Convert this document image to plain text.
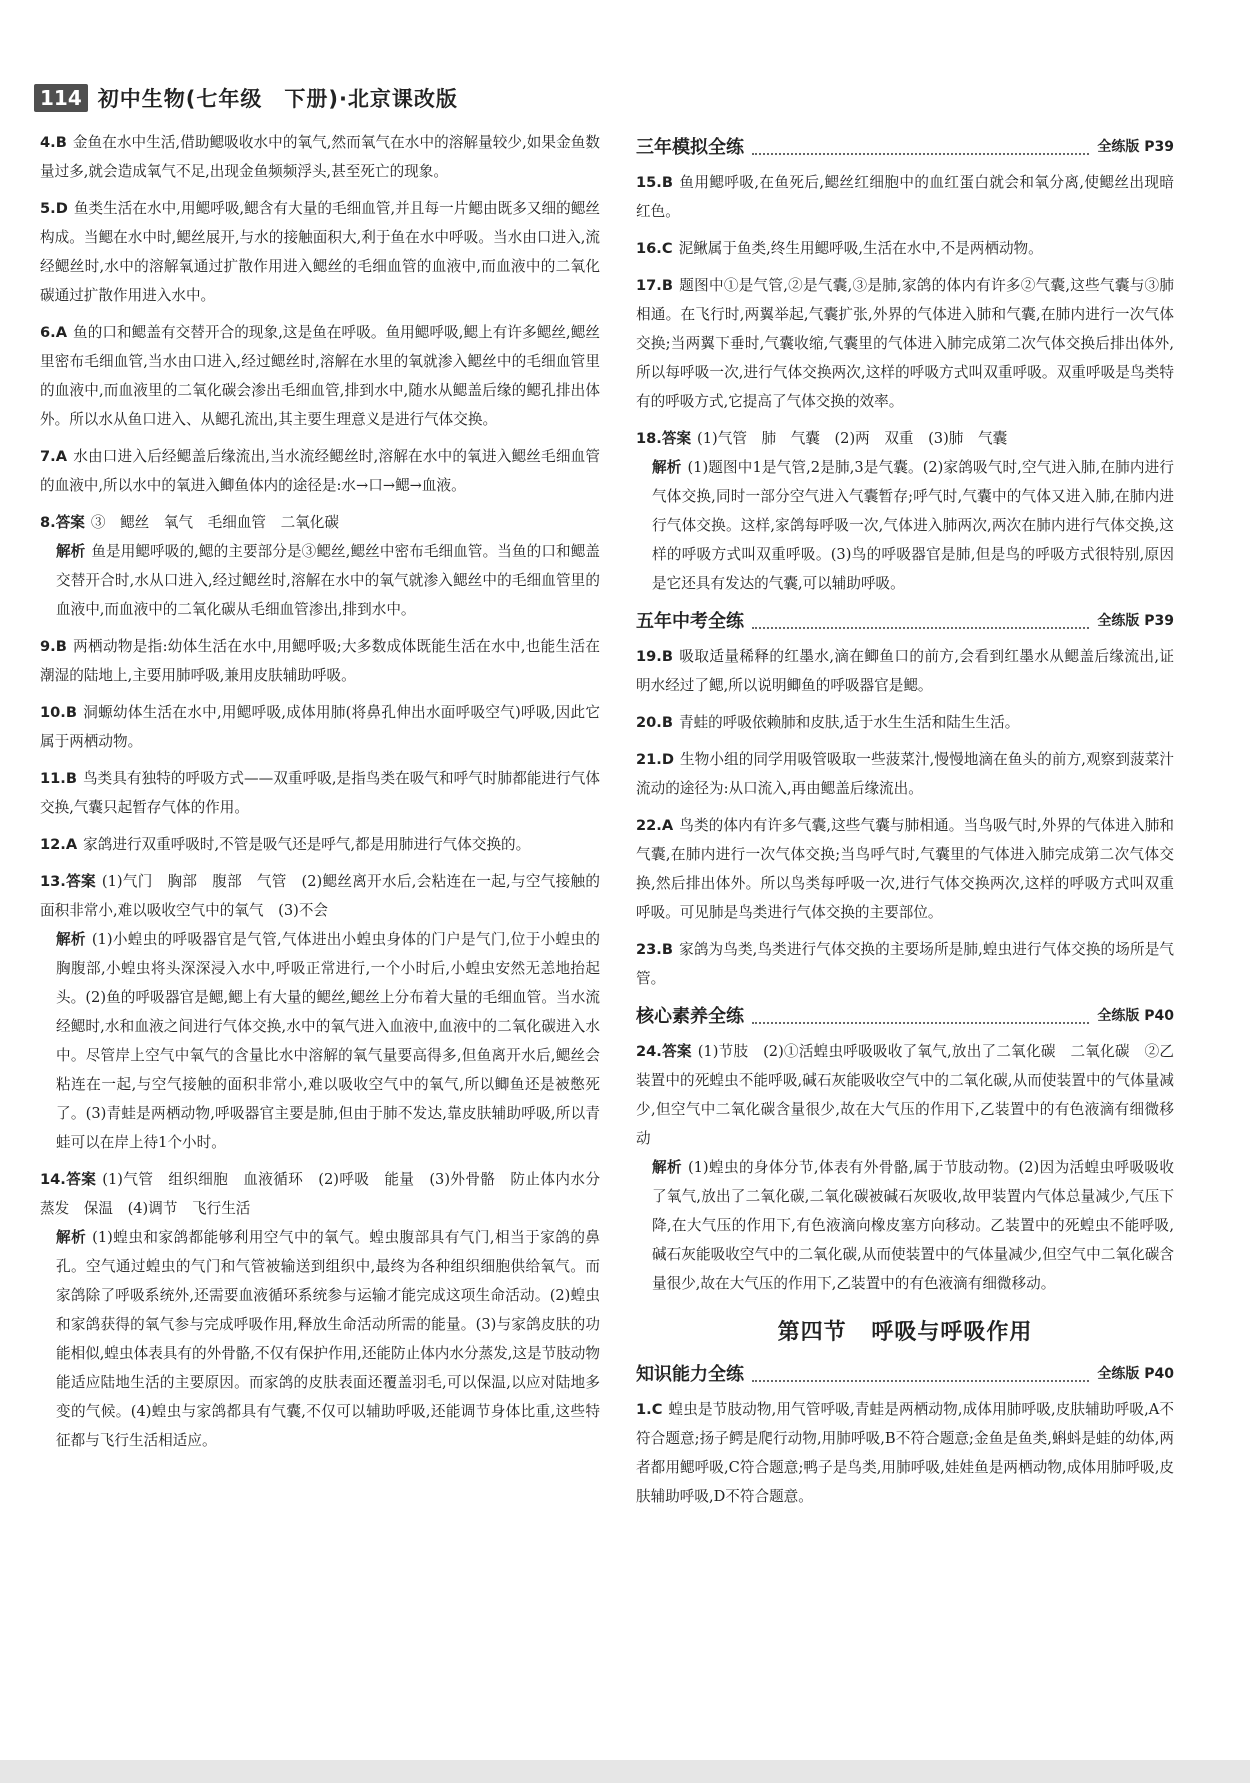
114 初中生物(七年级　下册)·北京课改版

4.B 金鱼在水中生活,借助鳃吸收水中的氧气,然而氧气在水中的溶解量较少,如果金鱼数量过多,就会造成氧气不足,出现金鱼频频浮头,甚至死亡的现象。

5.D 鱼类生活在水中,用鳃呼吸,鳃含有大量的毛细血管,并且每一片鳃由既多又细的鳃丝构成。当鳃在水中时,鳃丝展开,与水的接触面积大,利于鱼在水中呼吸。当水由口进入,流经鳃丝时,水中的溶解氧通过扩散作用进入鳃丝的毛细血管的血液中,而血液中的二氧化碳通过扩散作用进入水中。

6.A 鱼的口和鳃盖有交替开合的现象,这是鱼在呼吸。鱼用鳃呼吸,鳃上有许多鳃丝,鳃丝里密布毛细血管,当水由口进入,经过鳃丝时,溶解在水里的氧就渗入鳃丝中的毛细血管里的血液中,而血液里的二氧化碳会渗出毛细血管,排到水中,随水从鳃盖后缘的鳃孔排出体外。所以水从鱼口进入、从鳃孔流出,其主要生理意义是进行气体交换。

7.A 水由口进入后经鳃盖后缘流出,当水流经鳃丝时,溶解在水中的氧进入鳃丝毛细血管的血液中,所以水中的氧进入鲫鱼体内的途径是:水→口→鳃→血液。

8.答案 ③　鳃丝　氧气　毛细血管　二氧化碳

解析 鱼是用鳃呼吸的,鳃的主要部分是③鳃丝,鳃丝中密布毛细血管。当鱼的口和鳃盖交替开合时,水从口进入,经过鳃丝时,溶解在水中的氧气就渗入鳃丝中的毛细血管里的血液中,而血液中的二氧化碳从毛细血管渗出,排到水中。

9.B 两栖动物是指:幼体生活在水中,用鳃呼吸;大多数成体既能生活在水中,也能生活在潮湿的陆地上,主要用肺呼吸,兼用皮肤辅助呼吸。

10.B 洞螈幼体生活在水中,用鳃呼吸,成体用肺(将鼻孔伸出水面呼吸空气)呼吸,因此它属于两栖动物。

11.B 鸟类具有独特的呼吸方式——双重呼吸,是指鸟类在吸气和呼气时肺都能进行气体交换,气囊只起暂存气体的作用。

12.A 家鸽进行双重呼吸时,不管是吸气还是呼气,都是用肺进行气体交换的。

13.答案 (1)气门　胸部　腹部　气管　(2)鳃丝离开水后,会粘连在一起,与空气接触的面积非常小,难以吸收空气中的氧气　(3)不会

解析 (1)小蝗虫的呼吸器官是气管,气体进出小蝗虫身体的门户是气门,位于小蝗虫的胸腹部,小蝗虫将头深深浸入水中,呼吸正常进行,一个小时后,小蝗虫安然无恙地抬起头。(2)鱼的呼吸器官是鳃,鳃上有大量的鳃丝,鳃丝上分布着大量的毛细血管。当水流经鳃时,水和血液之间进行气体交换,水中的氧气进入血液中,血液中的二氧化碳进入水中。尽管岸上空气中氧气的含量比水中溶解的氧气量要高得多,但鱼离开水后,鳃丝会粘连在一起,与空气接触的面积非常小,难以吸收空气中的氧气,所以鲫鱼还是被憋死了。(3)青蛙是两栖动物,呼吸器官主要是肺,但由于肺不发达,靠皮肤辅助呼吸,所以青蛙可以在岸上待1个小时。

14.答案 (1)气管　组织细胞　血液循环　(2)呼吸　能量　(3)外骨骼　防止体内水分蒸发　保温　(4)调节　飞行生活

解析 (1)蝗虫和家鸽都能够利用空气中的氧气。蝗虫腹部具有气门,相当于家鸽的鼻孔。空气通过蝗虫的气门和气管被输送到组织中,最终为各种组织细胞供给氧气。而家鸽除了呼吸系统外,还需要血液循环系统参与运输才能完成这项生命活动。(2)蝗虫和家鸽获得的氧气参与完成呼吸作用,释放生命活动所需的能量。(3)与家鸽皮肤的功能相似,蝗虫体表具有的外骨骼,不仅有保护作用,还能防止体内水分蒸发,这是节肢动物能适应陆地生活的主要原因。而家鸽的皮肤表面还覆盖羽毛,可以保温,以应对陆地多变的气候。(4)蝗虫与家鸽都具有气囊,不仅可以辅助呼吸,还能调节身体比重,这些特征都与飞行生活相适应。

三年模拟全练	全练版 P39

15.B 鱼用鳃呼吸,在鱼死后,鳃丝红细胞中的血红蛋白就会和氧分离,使鳃丝出现暗红色。

16.C 泥鳅属于鱼类,终生用鳃呼吸,生活在水中,不是两栖动物。

17.B 题图中①是气管,②是气囊,③是肺,家鸽的体内有许多②气囊,这些气囊与③肺相通。在飞行时,两翼举起,气囊扩张,外界的气体进入肺和气囊,在肺内进行一次气体交换;当两翼下垂时,气囊收缩,气囊里的气体进入肺完成第二次气体交换后排出体外,所以每呼吸一次,进行气体交换两次,这样的呼吸方式叫双重呼吸。双重呼吸是鸟类特有的呼吸方式,它提高了气体交换的效率。

18.答案 (1)气管　肺　气囊　(2)两　双重　(3)肺　气囊

解析 (1)题图中1是气管,2是肺,3是气囊。(2)家鸽吸气时,空气进入肺,在肺内进行气体交换,同时一部分空气进入气囊暂存;呼气时,气囊中的气体又进入肺,在肺内进行气体交换。这样,家鸽每呼吸一次,气体进入肺两次,两次在肺内进行气体交换,这样的呼吸方式叫双重呼吸。(3)鸟的呼吸器官是肺,但是鸟的呼吸方式很特别,原因是它还具有发达的气囊,可以辅助呼吸。

五年中考全练	全练版 P39

19.B 吸取适量稀释的红墨水,滴在鲫鱼口的前方,会看到红墨水从鳃盖后缘流出,证明水经过了鳃,所以说明鲫鱼的呼吸器官是鳃。

20.B 青蛙的呼吸依赖肺和皮肤,适于水生生活和陆生生活。

21.D 生物小组的同学用吸管吸取一些菠菜汁,慢慢地滴在鱼头的前方,观察到菠菜汁流动的途径为:从口流入,再由鳃盖后缘流出。

22.A 鸟类的体内有许多气囊,这些气囊与肺相通。当鸟吸气时,外界的气体进入肺和气囊,在肺内进行一次气体交换;当鸟呼气时,气囊里的气体进入肺完成第二次气体交换,然后排出体外。所以鸟类每呼吸一次,进行气体交换两次,这样的呼吸方式叫双重呼吸。可见肺是鸟类进行气体交换的主要部位。

23.B 家鸽为鸟类,鸟类进行气体交换的主要场所是肺,蝗虫进行气体交换的场所是气管。

核心素养全练	全练版 P40

24.答案 (1)节肢　(2)①活蝗虫呼吸吸收了氧气,放出了二氧化碳　二氧化碳　②乙装置中的死蝗虫不能呼吸,碱石灰能吸收空气中的二氧化碳,从而使装置中的气体量减少,但空气中二氧化碳含量很少,故在大气压的作用下,乙装置中的有色液滴有细微移动

解析 (1)蝗虫的身体分节,体表有外骨骼,属于节肢动物。(2)因为活蝗虫呼吸吸收了氧气,放出了二氧化碳,二氧化碳被碱石灰吸收,故甲装置内气体总量减少,气压下降,在大气压的作用下,有色液滴向橡皮塞方向移动。乙装置中的死蝗虫不能呼吸,碱石灰能吸收空气中的二氧化碳,从而使装置中的气体量减少,但空气中二氧化碳含量很少,故在大气压的作用下,乙装置中的有色液滴有细微移动。

第四节 呼吸与呼吸作用
知识能力全练	全练版 P40

1.C 蝗虫是节肢动物,用气管呼吸,青蛙是两栖动物,成体用肺呼吸,皮肤辅助呼吸,A不符合题意;扬子鳄是爬行动物,用肺呼吸,B不符合题意;金鱼是鱼类,蝌蚪是蛙的幼体,两者都用鳃呼吸,C符合题意;鸭子是鸟类,用肺呼吸,娃娃鱼是两栖动物,成体用肺呼吸,皮肤辅助呼吸,D不符合题意。
